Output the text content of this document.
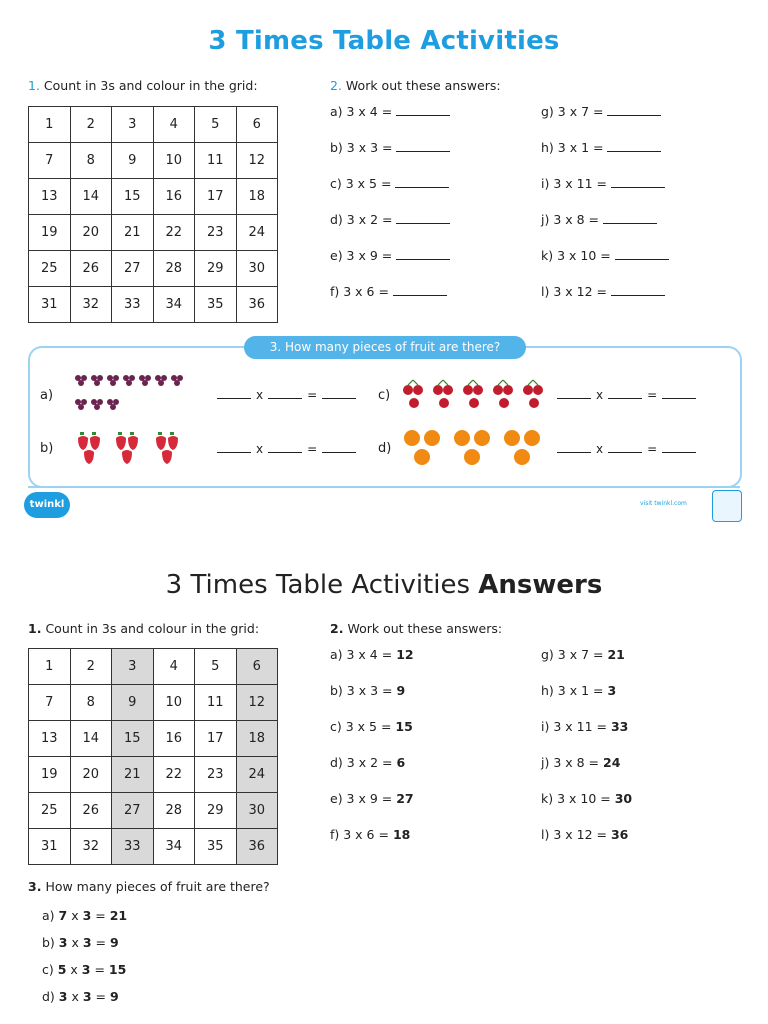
3 Times Table Activities
1. Count in 3s and colour in the grid:
1	2	3	4	5	6
7	8	9	10	11	12
13	14	15	16	17	18
19	20	21	22	23	24
25	26	27	28	29	30
31	32	33	34	35	36
2. Work out these answers:
a) 3 x 4 =
b) 3 x 3 =
c) 3 x 5 =
d) 3 x 2 =
e) 3 x 9 =
f) 3 x 6 =
g) 3 x 7 =
h) 3 x 1 =
i) 3 x 11 =
j) 3 x 8 =
k) 3 x 10 =
l) 3 x 12 =
3. How many pieces of fruit are there?
a)
b)
c)
d)
x	=
x	=
x	=
x	=
twinkl	visit twinkl.com
3 Times Table Activities Answers
1. Count in 3s and colour in the grid:
1	2	3	4	5	6
7	8	9	10	11	12
13	14	15	16	17	18
19	20	21	22	23	24
25	26	27	28	29	30
31	32	33	34	35	36
2. Work out these answers:
a) 3 x 4 = 12
b) 3 x 3 = 9
c) 3 x 5 = 15
d) 3 x 2 = 6
e) 3 x 9 = 27
f) 3 x 6 = 18
g) 3 x 7 = 21
h) 3 x 1 = 3
i) 3 x 11 = 33
j) 3 x 8 = 24
k) 3 x 10 = 30
l) 3 x 12 = 36
3. How many pieces of fruit are there?
a) 7 x 3 = 21
b) 3 x 3 = 9
c) 5 x 3 = 15
d) 3 x 3 = 9
